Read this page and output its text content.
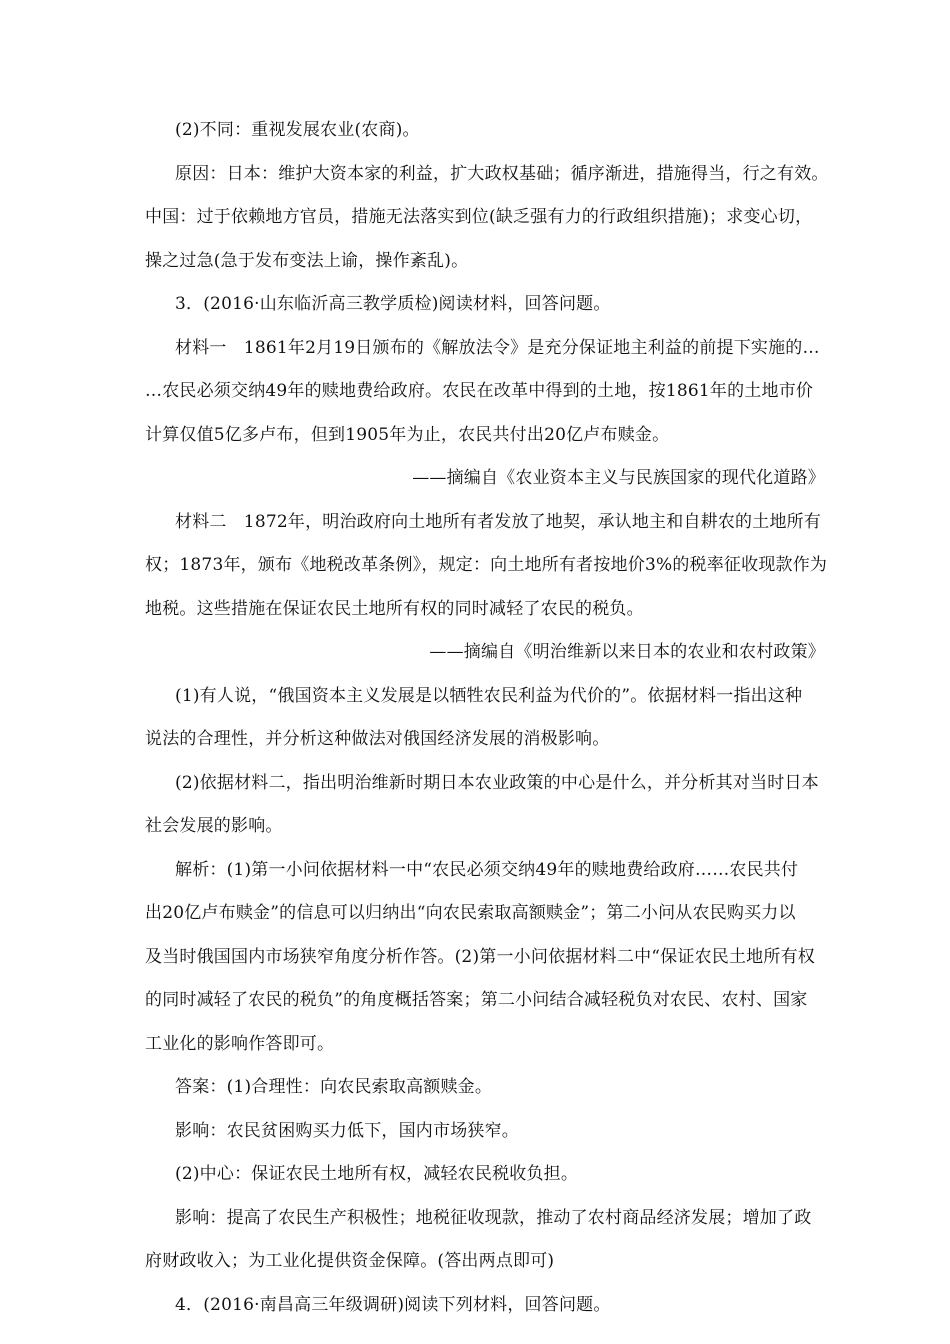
(2)不同：重视发展农业(农商)。
原因：日本：维护大资本家的利益，扩大政权基础；循序渐进，措施得当，行之有效。
中国：过于依赖地方官员，措施无法落实到位(缺乏强有力的行政组织措施)；求变心切，
操之过急(急于发布变法上谕，操作紊乱)。
3．(2016·山东临沂高三教学质检)阅读材料，回答问题。
材料一　1861年2月19日颁布的《解放法令》是充分保证地主利益的前提下实施的…
…农民必须交纳49年的赎地费给政府。农民在改革中得到的土地，按1861年的土地市价
计算仅值5亿多卢布，但到1905年为止，农民共付出20亿卢布赎金。
——摘编自《农业资本主义与民族国家的现代化道路》
材料二　1872年，明治政府向土地所有者发放了地契，承认地主和自耕农的土地所有
权；1873年，颁布《地税改革条例》，规定：向土地所有者按地价3%的税率征收现款作为
地税。这些措施在保证农民土地所有权的同时减轻了农民的税负。
——摘编自《明治维新以来日本的农业和农村政策》
(1)有人说，“俄国资本主义发展是以牺牲农民利益为代价的”。依据材料一指出这种
说法的合理性，并分析这种做法对俄国经济发展的消极影响。
(2)依据材料二，指出明治维新时期日本农业政策的中心是什么，并分析其对当时日本
社会发展的影响。
解析：(1)第一小问依据材料一中“农民必须交纳49年的赎地费给政府……农民共付
出20亿卢布赎金”的信息可以归纳出“向农民索取高额赎金”；第二小问从农民购买力以
及当时俄国国内市场狭窄角度分析作答。(2)第一小问依据材料二中“保证农民土地所有权
的同时减轻了农民的税负”的角度概括答案；第二小问结合减轻税负对农民、农村、国家
工业化的影响作答即可。
答案：(1)合理性：向农民索取高额赎金。
影响：农民贫困购买力低下，国内市场狭窄。
(2)中心：保证农民土地所有权，减轻农民税收负担。
影响：提高了农民生产积极性；地税征收现款，推动了农村商品经济发展；增加了政
府财政收入；为工业化提供资金保障。(答出两点即可)
4．(2016·南昌高三年级调研)阅读下列材料，回答问题。
